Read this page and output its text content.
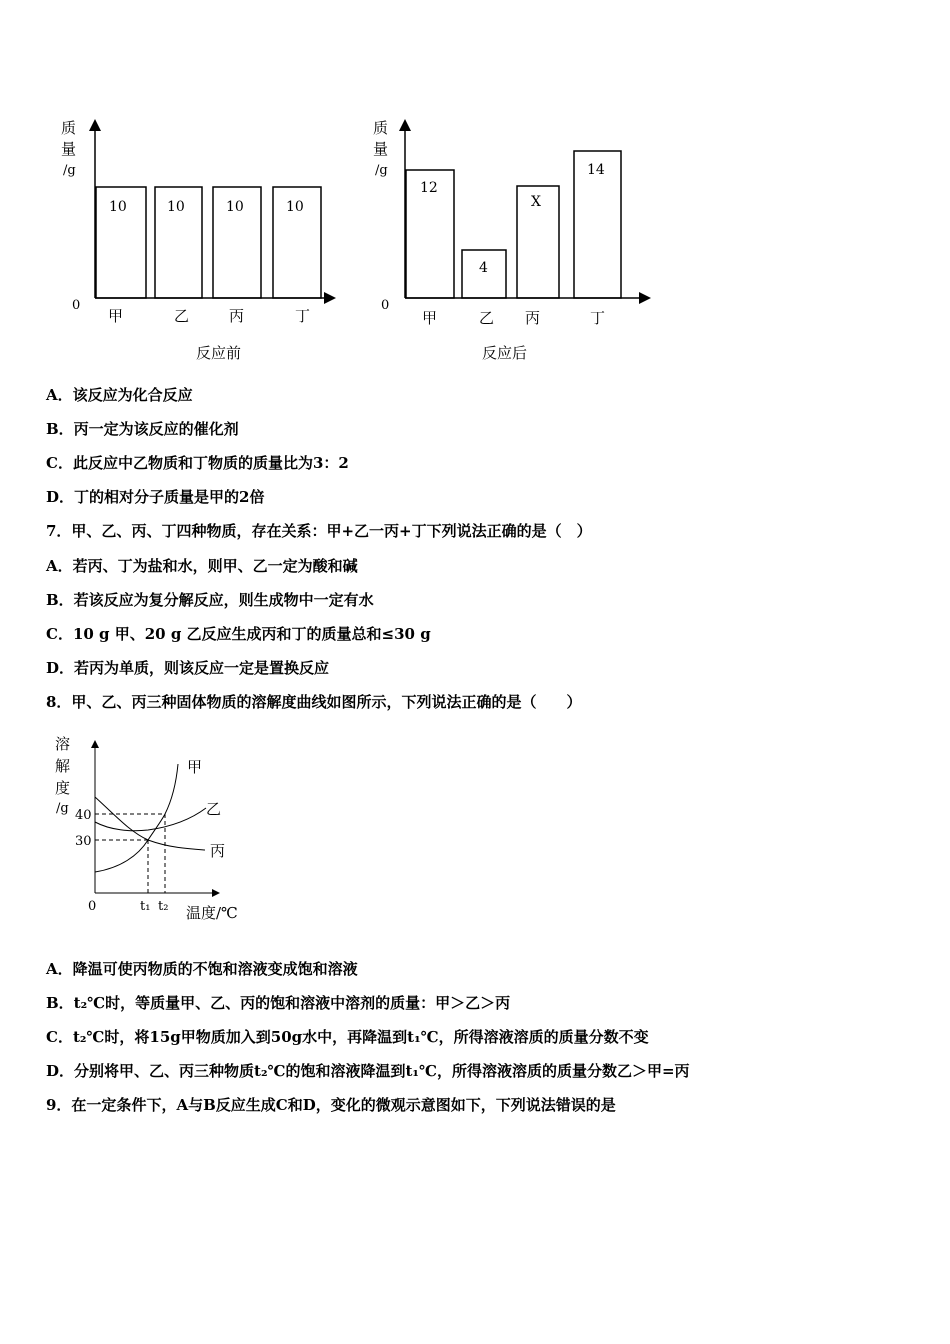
质
量
/g
0
10	10	10	10
甲	乙	丙	丁
反应前
质
量
/g
0
12
4
X
14
甲	乙 丙	丁
反应后
溶
解
度
/g 40
30
0	t₁ t₂ 温度/℃
甲
乙
丙
A．该反应为化合反应
B．丙一定为该反应的催化剂
C．此反应中乙物质和丁物质的质量比为3：2
D．丁的相对分子质量是甲的2倍
7．甲、乙、丙、丁四种物质，存在关系：甲+乙一丙+丁下列说法正确的是（　）
A．若丙、丁为盐和水，则甲、乙一定为酸和碱
B．若该反应为复分解反应，则生成物中一定有水
C．10 g 甲、20 g 乙反应生成丙和丁的质量总和≤30 g
D．若丙为单质，则该反应一定是置换反应
8．甲、乙、丙三种固体物质的溶解度曲线如图所示，下列说法正确的是（　　）
A．降温可使丙物质的不饱和溶液变成饱和溶液
B．t₂℃时，等质量甲、乙、丙的饱和溶液中溶剂的质量：甲＞乙＞丙
C．t₂℃时，将15g甲物质加入到50g水中，再降温到t₁℃，所得溶液溶质的质量分数不变
D．分别将甲、乙、丙三种物质t₂℃的饱和溶液降温到t₁℃，所得溶液溶质的质量分数乙＞甲=丙
9．在一定条件下，A与B反应生成C和D，变化的微观示意图如下，下列说法错误的是
